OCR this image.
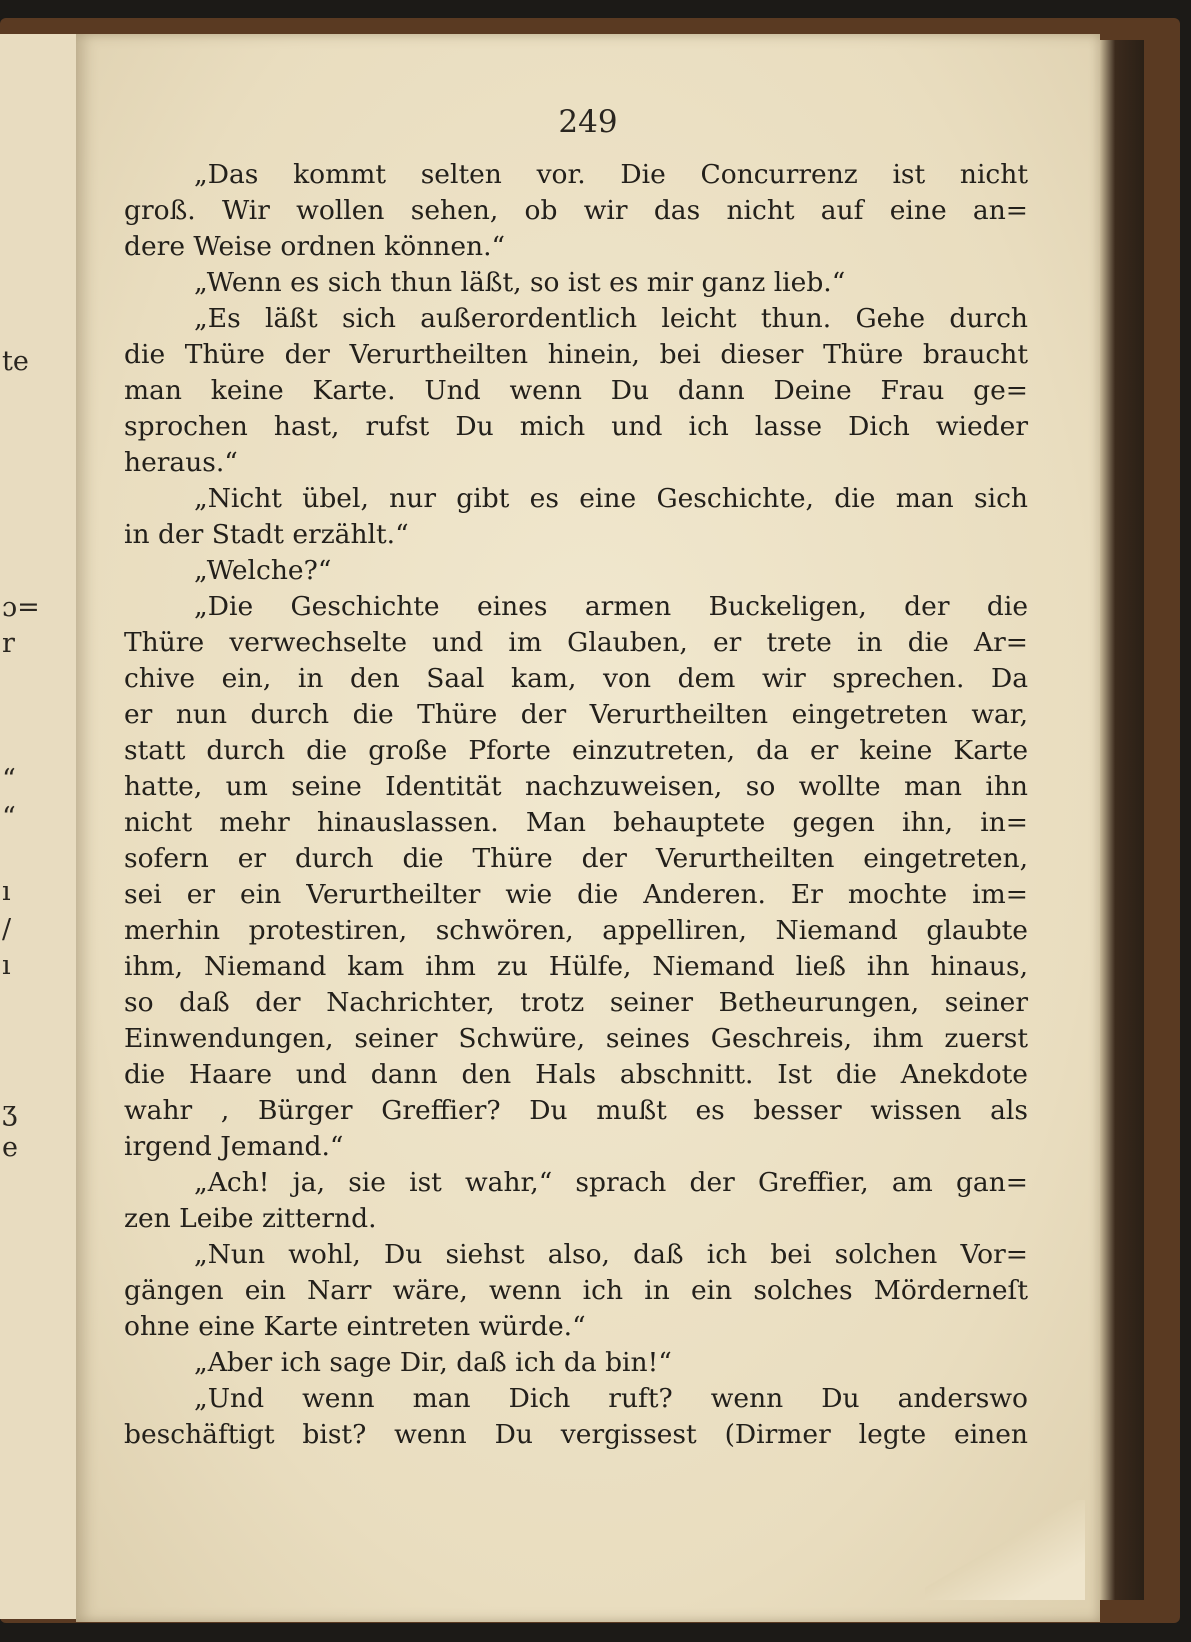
te
ɔ=
r
“
“
ı
/
ı
ʒ
e
249
„Das kommt selten vor. Die Concurrenz ist nicht
groß. Wir wollen sehen, ob wir das nicht auf eine an=
dere Weise ordnen können.“
„Wenn es sich thun läßt, so ist es mir ganz lieb.“
„Es läßt sich außerordentlich leicht thun. Gehe durch
die Thüre der Verurtheilten hinein, bei dieser Thüre braucht
man keine Karte. Und wenn Du dann Deine Frau ge=
sprochen hast, rufst Du mich und ich lasse Dich wieder
heraus.“
„Nicht übel, nur gibt es eine Geschichte, die man sich
in der Stadt erzählt.“
„Welche?“
„Die Geschichte eines armen Buckeligen, der die
Thüre verwechselte und im Glauben, er trete in die Ar=
chive ein, in den Saal kam, von dem wir sprechen. Da
er nun durch die Thüre der Verurtheilten eingetreten war,
statt durch die große Pforte einzutreten, da er keine Karte
hatte, um seine Identität nachzuweisen, so wollte man ihn
nicht mehr hinauslassen. Man behauptete gegen ihn, in=
sofern er durch die Thüre der Verurtheilten eingetreten,
sei er ein Verurtheilter wie die Anderen. Er mochte im=
merhin protestiren, schwören, appelliren, Niemand glaubte
ihm, Niemand kam ihm zu Hülfe, Niemand ließ ihn hinaus,
so daß der Nachrichter, trotz seiner Betheurungen, seiner
Einwendungen, seiner Schwüre, seines Geschreis, ihm zuerst
die Haare und dann den Hals abschnitt. Ist die Anekdote
wahr , Bürger Greffier? Du mußt es besser wissen als
irgend Jemand.“
„Ach! ja, sie ist wahr,“ sprach der Greffier, am gan=
zen Leibe zitternd.
„Nun wohl, Du siehst also, daß ich bei solchen Vor=
gängen ein Narr wäre, wenn ich in ein solches Mörderneſt
ohne eine Karte eintreten würde.“
„Aber ich sage Dir, daß ich da bin!“
„Und wenn man Dich ruft? wenn Du anderswo
beschäftigt bist? wenn Du vergissest (Dirmer legte einen
